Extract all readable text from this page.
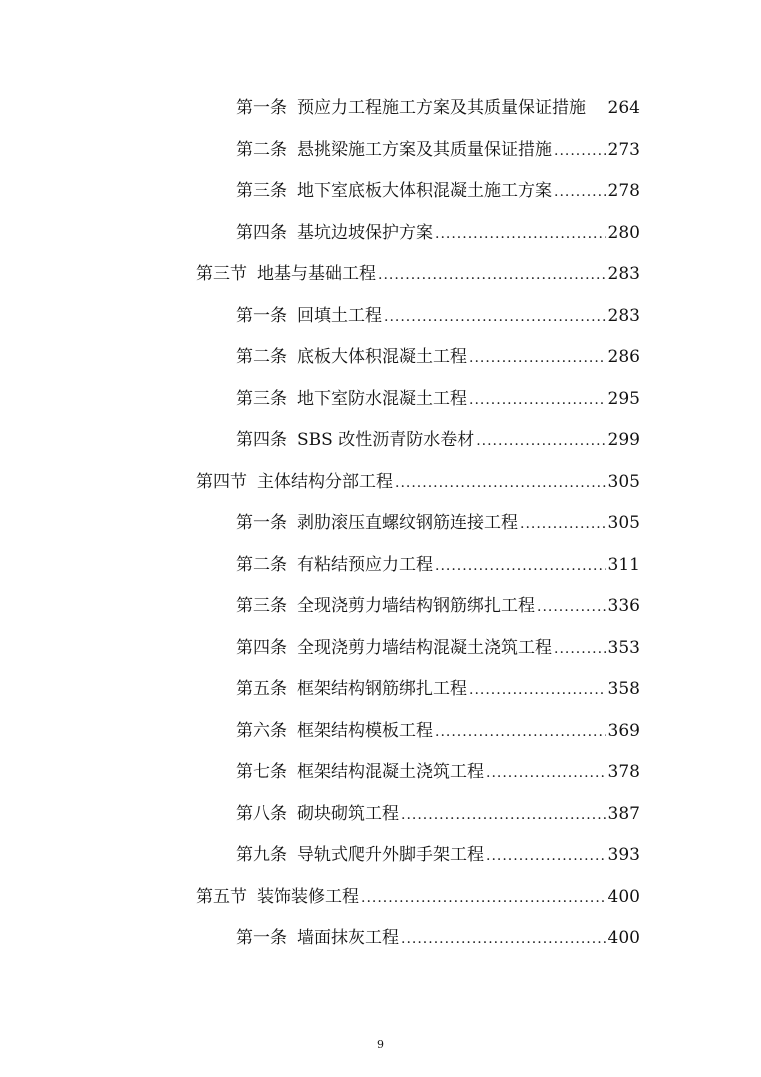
第一条 预应力工程施工方案及其质量保证措施 264
第二条 悬挑梁施工方案及其质量保证措施 .....	273
第三条 地下室底板大体积混凝土施工方案 .....	278
第四条 基坑边坡保护方案 .....	280
第三节 地基与基础工程 .....	283
第一条 回填土工程 .....	283
第二条 底板大体积混凝土工程 .....	286
第三条 地下室防水混凝土工程 .....	295
第四条 SBS 改性沥青防水卷材 .....	299
第四节 主体结构分部工程 .....	305
第一条 剥肋滚压直螺纹钢筋连接工程 .....	305
第二条 有粘结预应力工程 .....	311
第三条 全现浇剪力墙结构钢筋绑扎工程 .....	336
第四条 全现浇剪力墙结构混凝土浇筑工程 .....	353
第五条 框架结构钢筋绑扎工程 .....	358
第六条 框架结构模板工程 .....	369
第七条 框架结构混凝土浇筑工程 .....	378
第八条 砌块砌筑工程 .....	387
第九条 导轨式爬升外脚手架工程 .....	393
第五节 装饰装修工程 .....	400
第一条 墙面抹灰工程 .....	400
9
